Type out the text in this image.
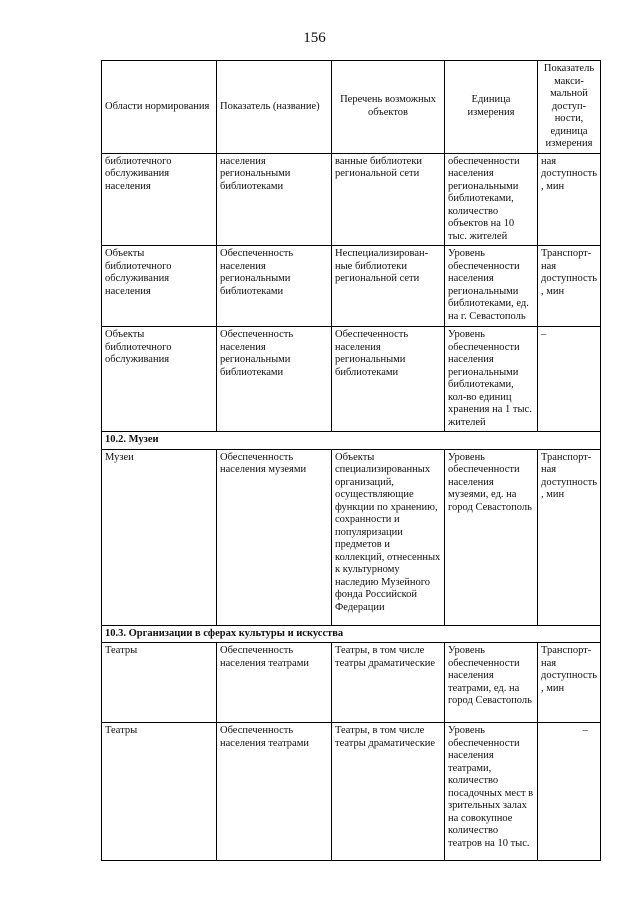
156
Области нормирования	Показатель (название)	Перечень возможных объектов	Единица измерения	Показатель макси-мальной доступ-ности, единица измерения
библиотечного обслуживания населения	населения региональными библиотеками	ванные библиотеки региональной сети	обеспеченности населения региональными библиотеками, количество объектов на 10 тыс. жителей	ная доступность, мин
Объекты библиотечного обслуживания населения	Обеспеченность населения региональными библиотеками	Неспециализирован-ные библиотеки региональной сети	Уровень обеспеченности населения региональными библиотеками, ед. на г. Севастополь	Транспорт-ная доступность, мин
Объекты библиотечного обслуживания	Обеспеченность населения региональными библиотеками	Обеспеченность населения региональными библиотеками	Уровень обеспеченности населения региональными библиотеками, кол-во единиц хранения на 1 тыс. жителей	–
10.2. Музеи				
Музеи	Обеспеченность населения музеями	Объекты специализированных организаций, осуществляющие функции по хранению, сохранности и популяризации предметов и коллекций, отнесенных к культурному наследию Музейного фонда Российской Федерации	Уровень обеспеченности населения музеями, ед. на город Севастополь	Транспорт-ная доступность, мин
10.3. Организации в сферах культуры и искусства				
Театры	Обеспеченность населения театрами	Театры, в том числе театры драматические	Уровень обеспеченности населения театрами, ед. на город Севастополь	Транспорт-ная доступность, мин
Театры	Обеспеченность населения театрами	Театры, в том числе театры драматические	Уровень обеспеченности населения театрами, количество посадочных мест в зрительных залах на совокупное количество театров на 10 тыс.	–
